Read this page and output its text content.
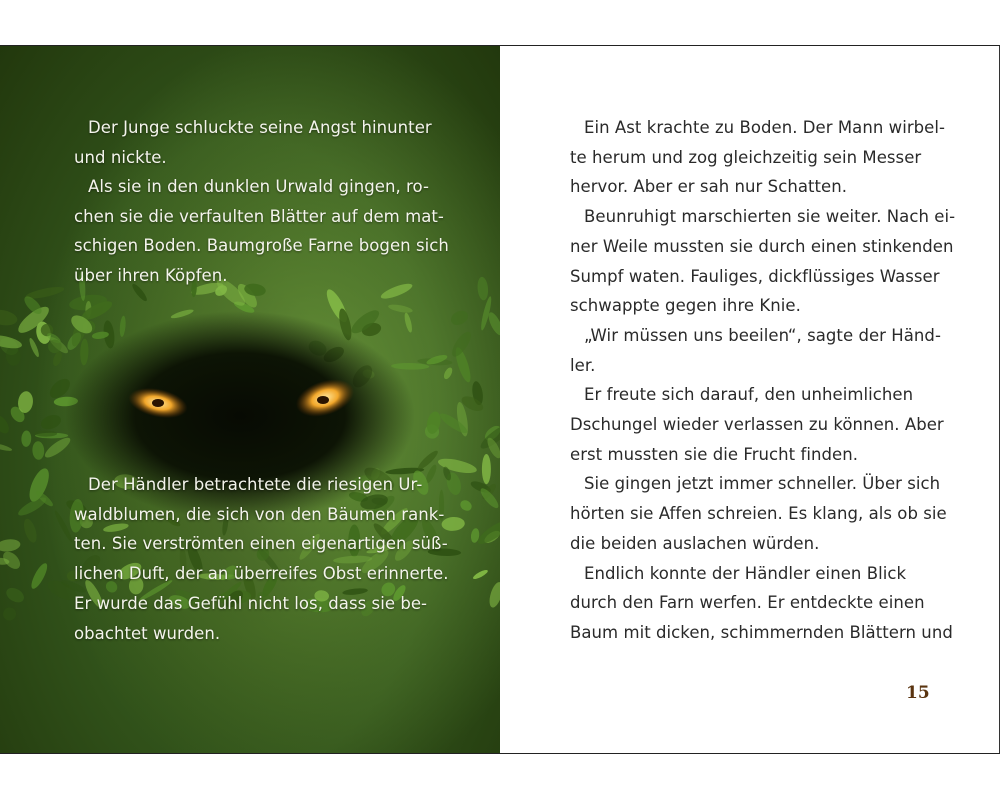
Der Junge schluckte seine Angst hinunter
und nickte.

Als sie in den dunklen Urwald gingen, ro-
chen sie die verfaulten Blätter auf dem mat-
schigen Boden. Baumgroße Farne bogen sich
über ihren Köpfen.

Der Händler betrachtete die riesigen Ur-
waldblumen, die sich von den Bäumen rank-
ten. Sie verströmten einen eigenartigen süß-
lichen Duft, der an überreifes Obst erinnerte.
Er wurde das Gefühl nicht los, dass sie be-
obachtet wurden.

Ein Ast krachte zu Boden. Der Mann wirbel-
te herum und zog gleichzeitig sein Messer
hervor. Aber er sah nur Schatten.
Beunruhigt marschierten sie weiter. Nach ei-
ner Weile mussten sie durch einen stinkenden
Sumpf waten. Fauliges, dickflüssiges Wasser
schwappte gegen ihre Knie.
„Wir müssen uns beeilen“, sagte der Händ-
ler.
Er freute sich darauf, den unheimlichen
Dschungel wieder verlassen zu können. Aber
erst mussten sie die Frucht finden.
Sie gingen jetzt immer schneller. Über sich
hörten sie Affen schreien. Es klang, als ob sie
die beiden auslachen würden.
Endlich konnte der Händler einen Blick
durch den Farn werfen. Er entdeckte einen
Baum mit dicken, schimmernden Blättern und

15
